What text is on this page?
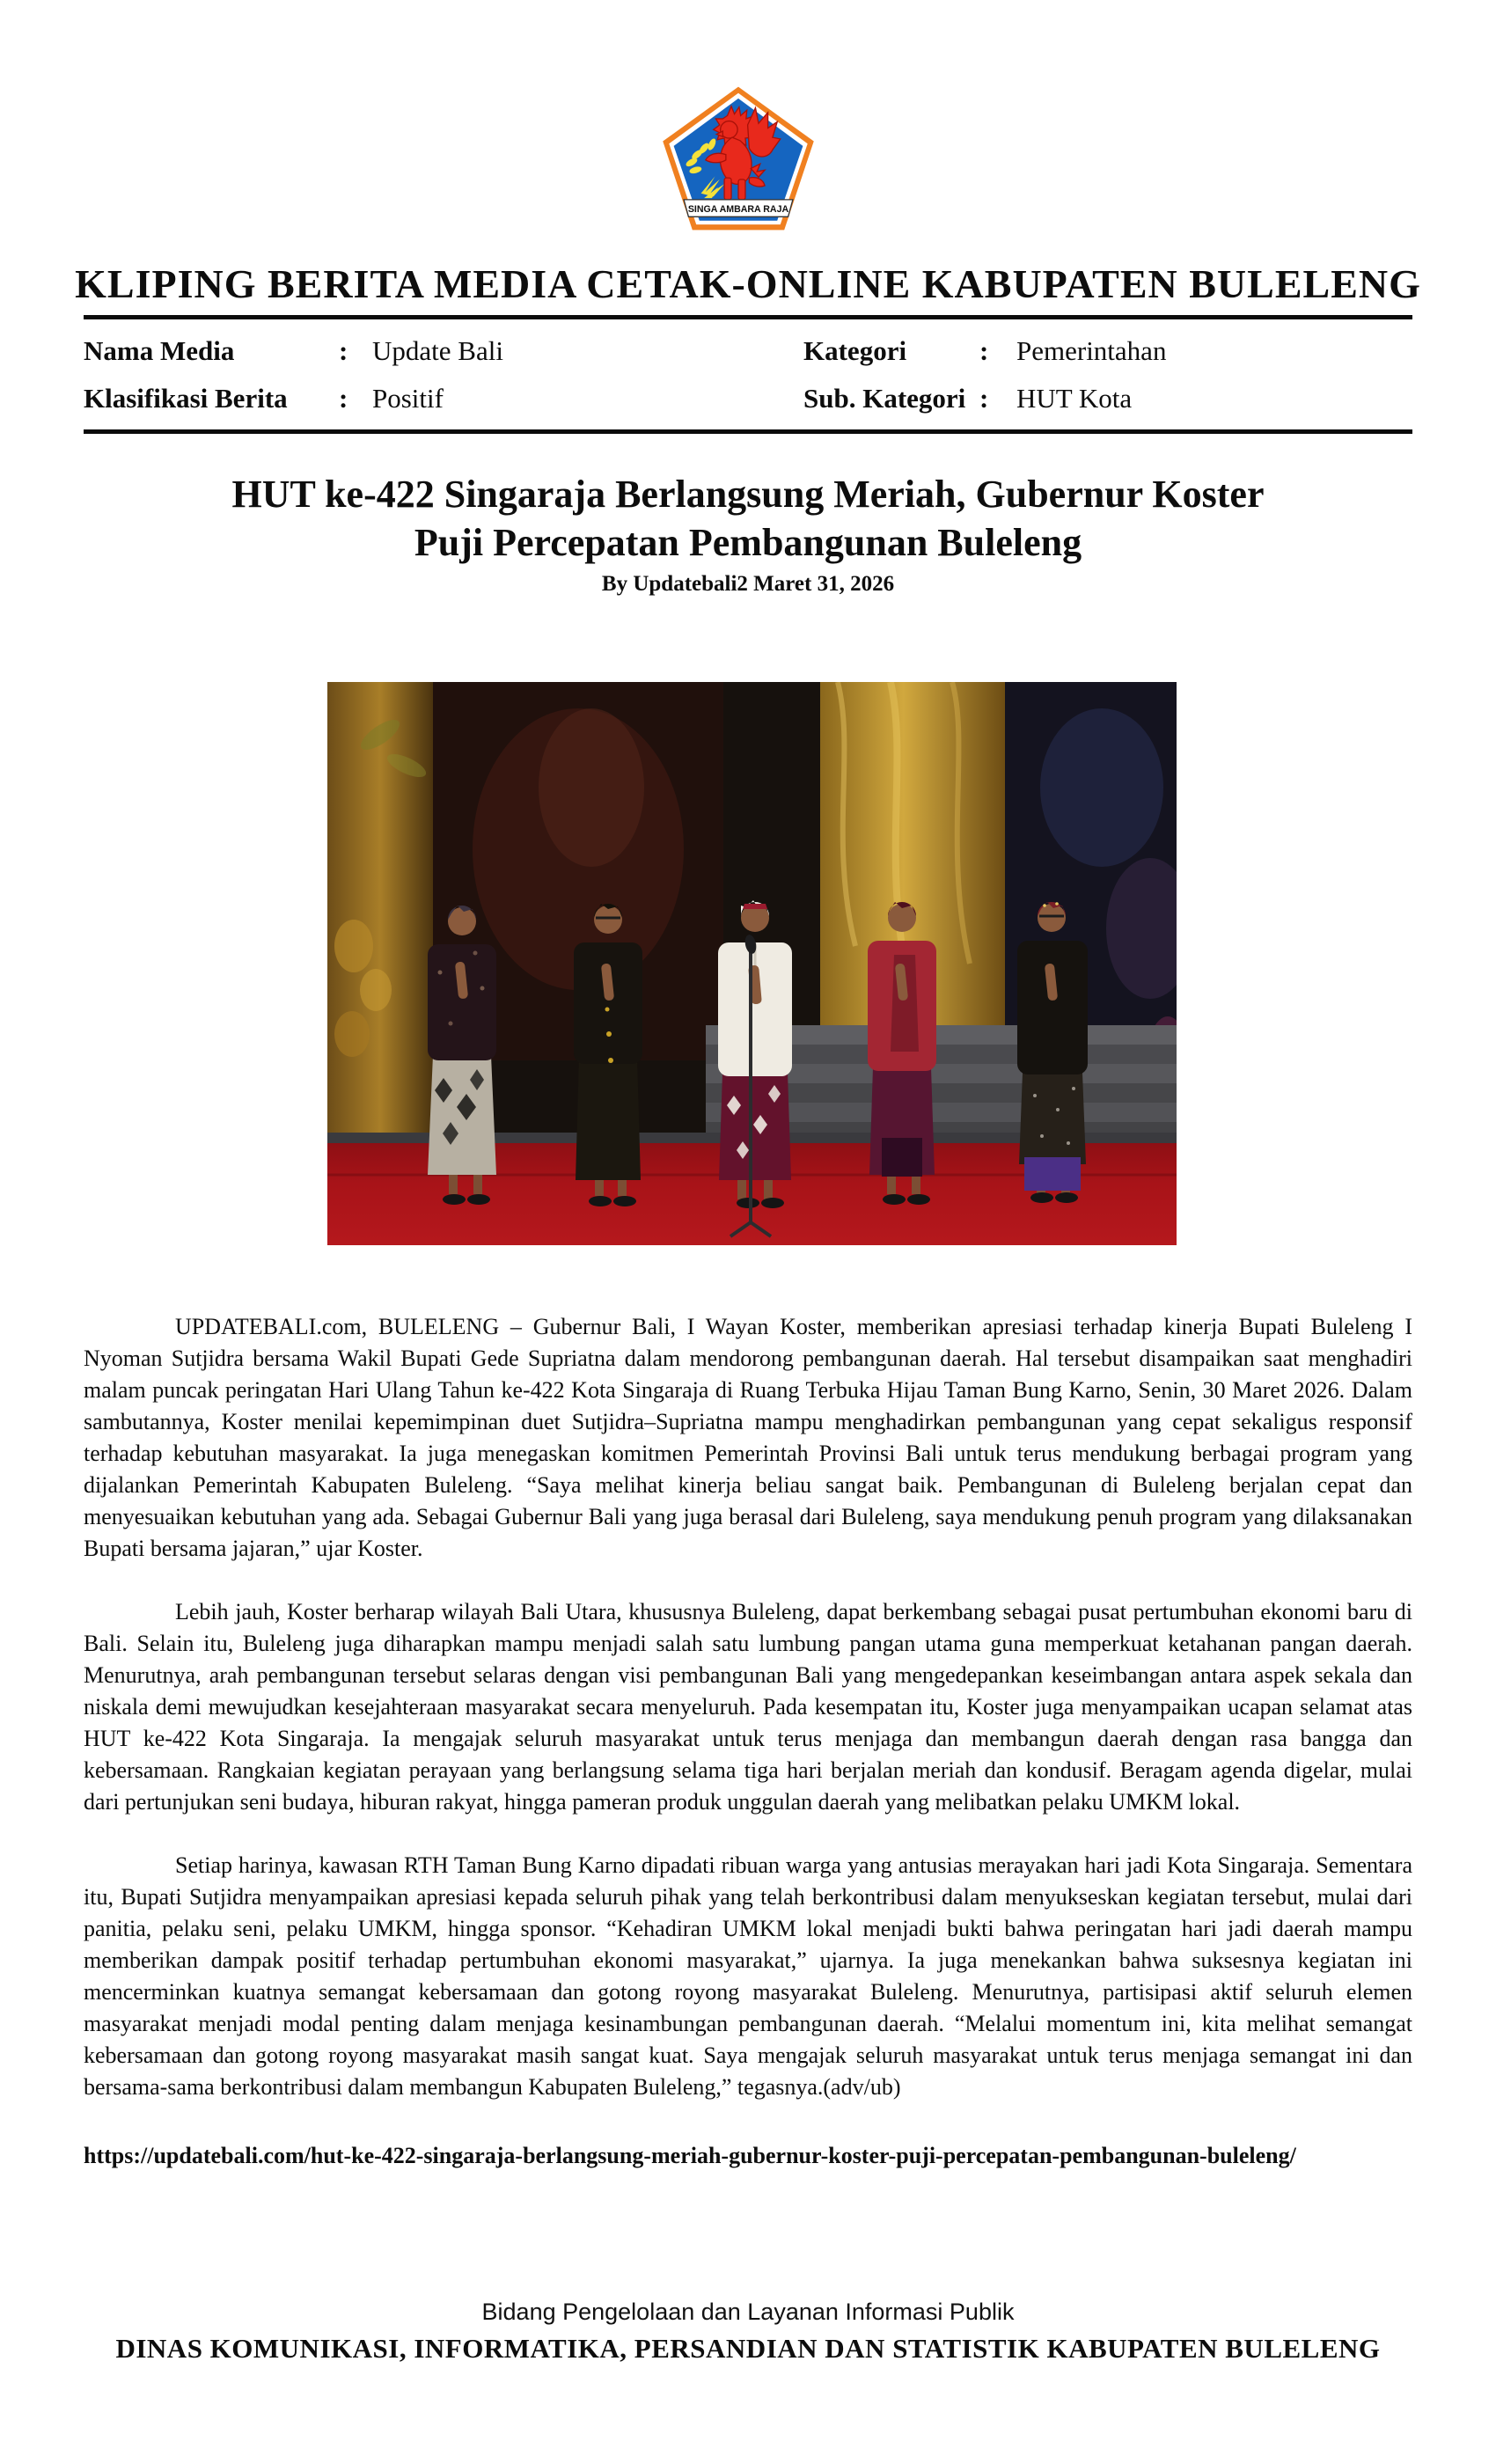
SINGA AMBARA RAJA
KLIPING BERITA MEDIA CETAK-ONLINE KABUPATEN BULELENG
Nama Media	: Update Bali	Kategori	:	Pemerintahan
Klasifikasi Berita	: Positif	Sub. Kategori :	HUT Kota
HUT ke-422 Singaraja Berlangsung Meriah, Gubernur Koster
Puji Percepatan Pembangunan Buleleng
By Updatebali2 Maret 31, 2026

UPDATEBALI.com, BULELENG – Gubernur Bali, I Wayan Koster, memberikan apresiasi terhadap kinerja Bupati Buleleng I Nyoman Sutjidra bersama Wakil Bupati Gede Supriatna dalam mendorong pembangunan daerah. Hal tersebut disampaikan saat menghadiri malam puncak peringatan Hari Ulang Tahun ke-422 Kota Singaraja di Ruang Terbuka Hijau Taman Bung Karno, Senin, 30 Maret 2026. Dalam sambutannya, Koster menilai kepemimpinan duet Sutjidra–Supriatna mampu menghadirkan pembangunan yang cepat sekaligus responsif terhadap kebutuhan masyarakat. Ia juga menegaskan komitmen Pemerintah Provinsi Bali untuk terus mendukung berbagai program yang dijalankan Pemerintah Kabupaten Buleleng. “Saya melihat kinerja beliau sangat baik. Pembangunan di Buleleng berjalan cepat dan menyesuaikan kebutuhan yang ada. Sebagai Gubernur Bali yang juga berasal dari Buleleng, saya mendukung penuh program yang dilaksanakan Bupati bersama jajaran,” ujar Koster.

Lebih jauh, Koster berharap wilayah Bali Utara, khususnya Buleleng, dapat berkembang sebagai pusat pertumbuhan ekonomi baru di Bali. Selain itu, Buleleng juga diharapkan mampu menjadi salah satu lumbung pangan utama guna memperkuat ketahanan pangan daerah. Menurutnya, arah pembangunan tersebut selaras dengan visi pembangunan Bali yang mengedepankan keseimbangan antara aspek sekala dan niskala demi mewujudkan kesejahteraan masyarakat secara menyeluruh. Pada kesempatan itu, Koster juga menyampaikan ucapan selamat atas HUT ke-422 Kota Singaraja. Ia mengajak seluruh masyarakat untuk terus menjaga dan membangun daerah dengan rasa bangga dan kebersamaan. Rangkaian kegiatan perayaan yang berlangsung selama tiga hari berjalan meriah dan kondusif. Beragam agenda digelar, mulai dari pertunjukan seni budaya, hiburan rakyat, hingga pameran produk unggulan daerah yang melibatkan pelaku UMKM lokal.

Setiap harinya, kawasan RTH Taman Bung Karno dipadati ribuan warga yang antusias merayakan hari jadi Kota Singaraja. Sementara itu, Bupati Sutjidra menyampaikan apresiasi kepada seluruh pihak yang telah berkontribusi dalam menyukseskan kegiatan tersebut, mulai dari panitia, pelaku seni, pelaku UMKM, hingga sponsor. “Kehadiran UMKM lokal menjadi bukti bahwa peringatan hari jadi daerah mampu memberikan dampak positif terhadap pertumbuhan ekonomi masyarakat,” ujarnya. Ia juga menekankan bahwa suksesnya kegiatan ini mencerminkan kuatnya semangat kebersamaan dan gotong royong masyarakat Buleleng. Menurutnya, partisipasi aktif seluruh elemen masyarakat menjadi modal penting dalam menjaga kesinambungan pembangunan daerah. “Melalui momentum ini, kita melihat semangat kebersamaan dan gotong royong masyarakat masih sangat kuat. Saya mengajak seluruh masyarakat untuk terus menjaga semangat ini dan bersama-sama berkontribusi dalam membangun Kabupaten Buleleng,” tegasnya.(adv/ub)

https://updatebali.com/hut-ke-422-singaraja-berlangsung-meriah-gubernur-koster-puji-percepatan-pembangunan-buleleng/

Bidang Pengelolaan dan Layanan Informasi Publik
DINAS KOMUNIKASI, INFORMATIKA, PERSANDIAN DAN STATISTIK KABUPATEN BULELENG
